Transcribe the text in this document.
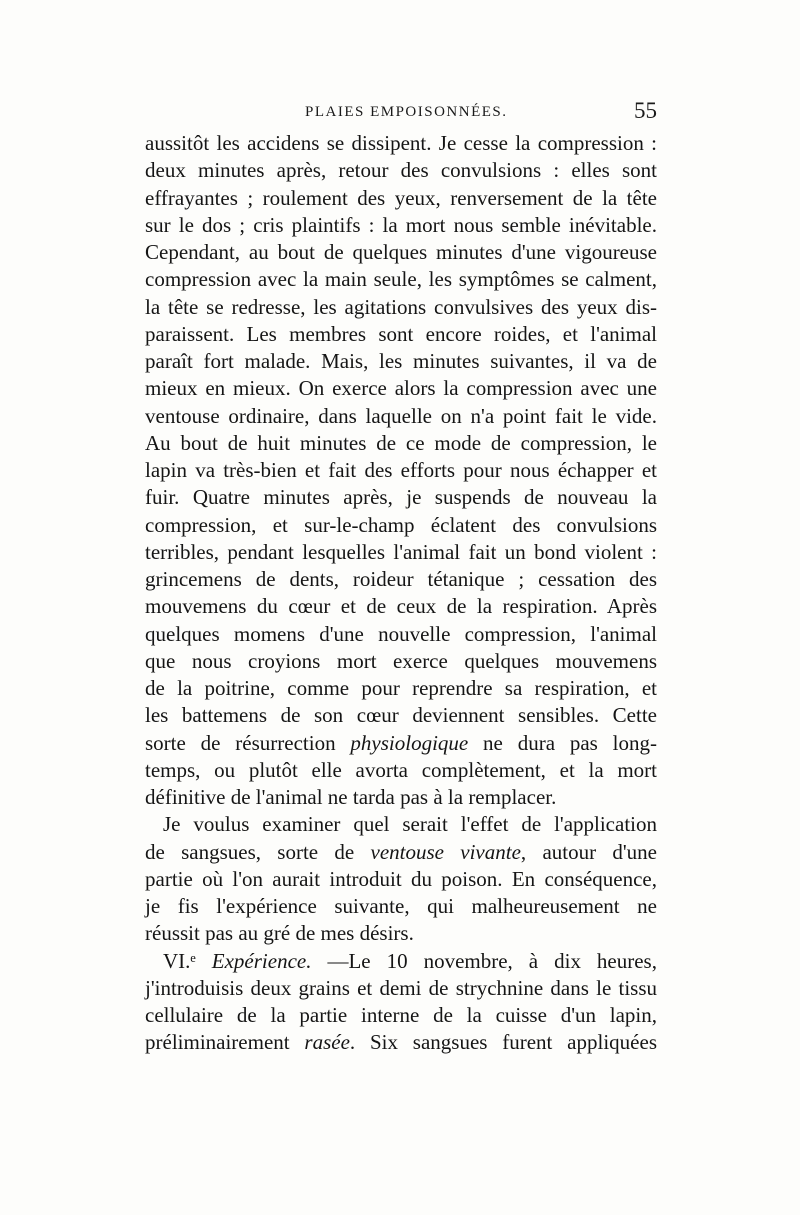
PLAIES EMPOISONNÉES.	55
aussitôt les accidens se dissipent. Je cesse la compression :
deux minutes après, retour des convulsions : elles sont
effrayantes ; roulement des yeux, renversement de la tête
sur le dos ; cris plaintifs : la mort nous semble inévitable.
Cependant, au bout de quelques minutes d'une vigoureuse
compression avec la main seule, les symptômes se calment,
la tête se redresse, les agitations convulsives des yeux dis-
paraissent. Les membres sont encore roides, et l'animal
paraît fort malade. Mais, les minutes suivantes, il va de
mieux en mieux. On exerce alors la compression avec une
ventouse ordinaire, dans laquelle on n'a point fait le vide.
Au bout de huit minutes de ce mode de compression, le
lapin va très-bien et fait des efforts pour nous échapper et
fuir. Quatre minutes après, je suspends de nouveau la
compression, et sur-le-champ éclatent des convulsions
terribles, pendant lesquelles l'animal fait un bond violent :
grincemens de dents, roideur tétanique ; cessation des
mouvemens du cœur et de ceux de la respiration. Après
quelques momens d'une nouvelle compression, l'animal
que nous croyions mort exerce quelques mouvemens
de la poitrine, comme pour reprendre sa respiration, et
les battemens de son cœur deviennent sensibles. Cette
sorte de résurrection physiologique ne dura pas long-
temps, ou plutôt elle avorta complètement, et la mort
définitive de l'animal ne tarda pas à la remplacer.
Je voulus examiner quel serait l'effet de l'application
de sangsues, sorte de ventouse vivante, autour d'une
partie où l'on aurait introduit du poison. En conséquence,
je fis l'expérience suivante, qui malheureusement ne
réussit pas au gré de mes désirs.
VI.ᵉ Expérience. —Le 10 novembre, à dix heures,
j'introduisis deux grains et demi de strychnine dans le tissu
cellulaire de la partie interne de la cuisse d'un lapin,
préliminairement rasée. Six sangsues furent appliquées
